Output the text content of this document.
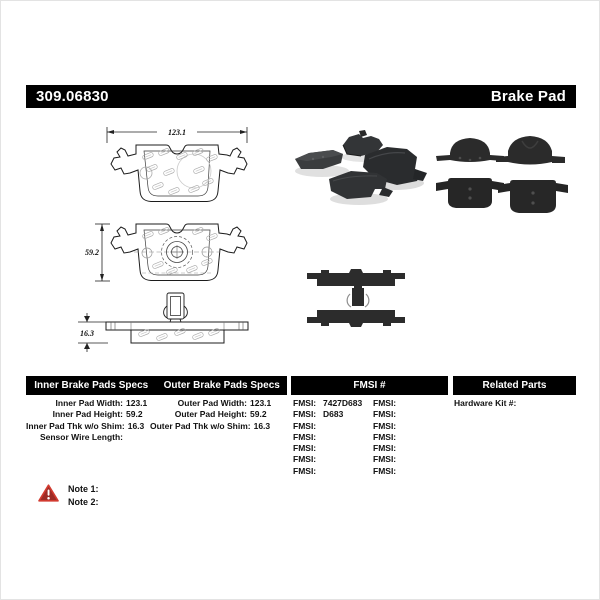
309.06830	Brake Pad
123.1
59.2
16.3
Inner Brake Pads Specs	Outer Brake Pads Specs	FMSI #	Related Parts
Inner Pad Width: 123.1
Inner Pad Height: 59.2
Inner Pad Thk w/o Shim: 16.3
Sensor Wire Length:
Outer Pad Width: 123.1
Outer Pad Height: 59.2
Outer Pad Thk w/o Shim: 16.3
FMSI: 7427D683
FMSI: D683
FMSI:
FMSI:
FMSI:
FMSI:
FMSI:
FMSI:
FMSI:
FMSI:
FMSI:
FMSI:
FMSI:
FMSI:
Hardware Kit #:
Note 1:
Note 2:
